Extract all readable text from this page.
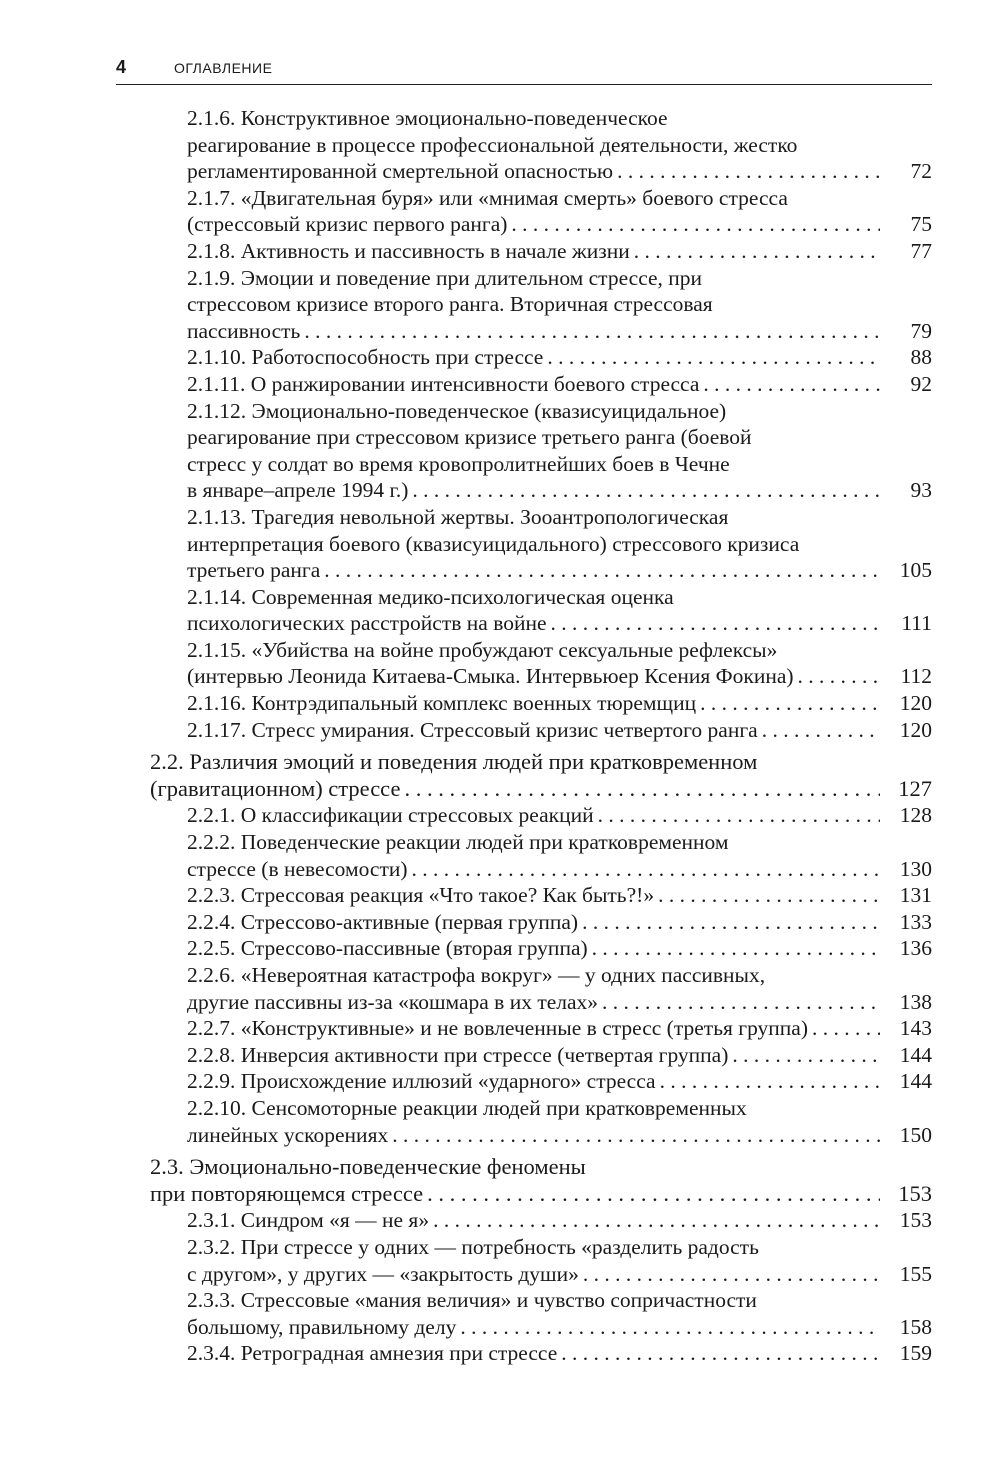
4	ОГЛАВЛЕНИЕ
2.1.6. Конструктивное эмоционально-поведенческое
реагирование в процессе профессиональной деятельности, жестко
регламентированной смертельной опасностью . . .	72
2.1.7. «Двигательная буря» или «мнимая смерть» боевого стресса
(стрессовый кризис первого ранга) . . .	75
2.1.8. Активность и пассивность в начале жизни . . .	77
2.1.9. Эмоции и поведение при длительном стрессе, при
стрессовом кризисе второго ранга. Вторичная стрессовая
пассивность . . .	79
2.1.10. Работоспособность при стрессе . . .	88
2.1.11. О ранжировании интенсивности боевого стресса . . .	92
2.1.12. Эмоционально-поведенческое (квазисуицидальное)
реагирование при стрессовом кризисе третьего ранга (боевой
стресс у солдат во время кровопролитнейших боев в Чечне
в январе–апреле 1994 г.) . . .	93
2.1.13. Трагедия невольной жертвы. Зооантропологическая
интерпретация боевого (квазисуицидального) стрессового кризиса
третьего ранга . . .	105
2.1.14. Современная медико-психологическая оценка
психологических расстройств на войне . . .	111
2.1.15. «Убийства на войне пробуждают сексуальные рефлексы»
(интервью Леонида Китаева-Смыка. Интервьюер Ксения Фокина) . . .	112
2.1.16. Контрэдипальный комплекс военных тюремщиц . . .	120
2.1.17. Стресс умирания. Стрессовый кризис четвертого ранга . . .	120
2.2. Различия эмоций и поведения людей при кратковременном
(гравитационном) стрессе . . .	127
2.2.1. О классификации стрессовых реакций . . .	128
2.2.2. Поведенческие реакции людей при кратковременном
стрессе (в невесомости) . . .	130
2.2.3. Стрессовая реакция «Что такое? Как быть?!» . . .	131
2.2.4. Стрессово-активные (первая группа) . . .	133
2.2.5. Стрессово-пассивные (вторая группа) . . .	136
2.2.6. «Невероятная катастрофа вокруг» — у одних пассивных,
другие пассивны из-за «кошмара в их телах» . . .	138
2.2.7. «Конструктивные» и не вовлеченные в стресс (третья группа) . . .	143
2.2.8. Инверсия активности при стрессе (четвертая группа) . . .	144
2.2.9. Происхождение иллюзий «ударного» стресса . . .	144
2.2.10. Сенсомоторные реакции людей при кратковременных
линейных ускорениях . . .	150
2.3. Эмоционально-поведенческие феномены
при повторяющемся стрессе . . .	153
2.3.1. Синдром «я — не я» . . .	153
2.3.2. При стрессе у одних — потребность «разделить радость
с другом», у других — «закрытость души» . . .	155
2.3.3. Стрессовые «мания величия» и чувство сопричастности
большому, правильному делу . . .	158
2.3.4. Ретроградная амнезия при стрессе . . .	159
